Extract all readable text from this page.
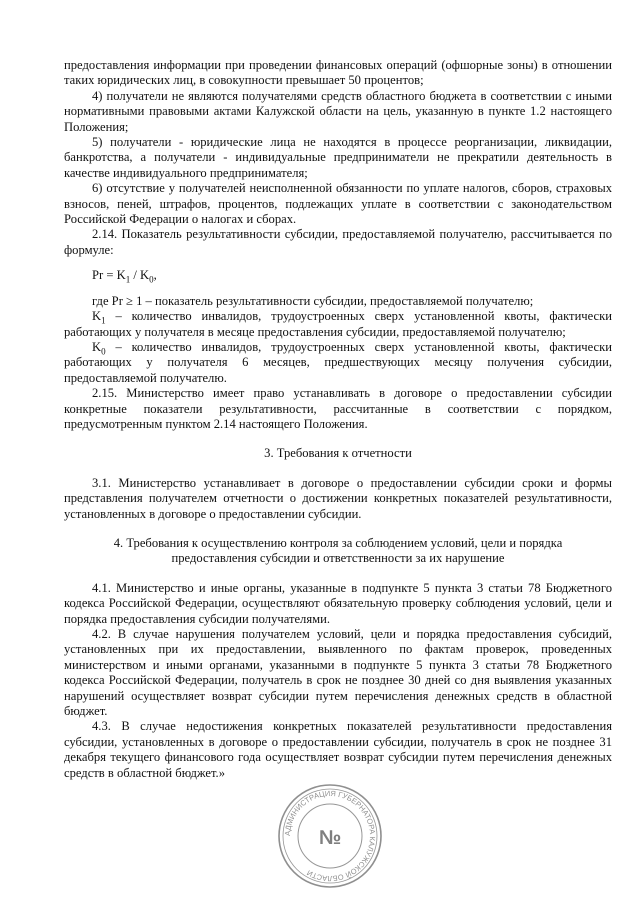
предоставления информации при проведении финансовых операций (офшорные зоны) в отношении таких юридических лиц, в совокупности превышает 50 процентов;

4) получатели не являются получателями средств областного бюджета в соответствии с иными нормативными правовыми актами Калужской области на цель, указанную в пункте 1.2 настоящего Положения;

5) получатели - юридические лица не находятся в процессе реорганизации, ликвидации, банкротства, а получатели - индивидуальные предприниматели не прекратили деятельность в качестве индивидуального предпринимателя;

6) отсутствие у получателей неисполненной обязанности по уплате налогов, сборов, страховых взносов, пеней, штрафов, процентов, подлежащих уплате в соответствии с законодательством Российской Федерации о налогах и сборах.

2.14. Показатель результативности субсидии, предоставляемой получателю, рассчитывается по формуле:

$Pr = K_1 / K_0$,

где Pr ≥ 1 – показатель результативности субсидии, предоставляемой получателю;

$K_1$ – количество инвалидов, трудоустроенных сверх установленной квоты, фактически работающих у получателя в месяце предоставления субсидии, предоставляемой получателю;

$K_0$ – количество инвалидов, трудоустроенных сверх установленной квоты, фактически работающих у получателя 6 месяцев, предшествующих месяцу получения субсидии, предоставляемой получателю.

2.15. Министерство имеет право устанавливать в договоре о предоставлении субсидии конкретные показатели результативности, рассчитанные в соответствии с порядком, предусмотренным пунктом 2.14 настоящего Положения.

3. Требования к отчетности

3.1. Министерство устанавливает в договоре о предоставлении субсидии сроки и формы представления получателем отчетности о достижении конкретных показателей результативности, установленных в договоре о предоставлении субсидии.

4. Требования к осуществлению контроля за соблюдением условий, цели и порядка
предоставления субсидии и ответственности за их нарушение

4.1. Министерство и иные органы, указанные в подпункте 5 пункта 3 статьи 78 Бюджетного кодекса Российской Федерации, осуществляют обязательную проверку соблюдения условий, цели и порядка предоставления субсидии получателями.

4.2. В случае нарушения получателем условий, цели и порядка предоставления субсидий, установленных при их предоставлении, выявленного по фактам проверок, проведенных министерством и иными органами, указанными в подпункте 5 пункта 3 статьи 78 Бюджетного кодекса Российской Федерации, получатель в срок не позднее 30 дней со дня выявления указанных нарушений осуществляет возврат субсидии путем перечисления денежных средств в областной бюджет.

4.3. В случае недостижения конкретных показателей результативности предоставления субсидии, установленных в договоре о предоставлении субсидии, получатель в срок не позднее 31 декабря текущего финансового года осуществляет возврат субсидии путем перечисления денежных средств в областной бюджет.»

АДМИНИСТРАЦИЯ ГУБЕРНАТОРА КАЛУЖСКОЙ ОБЛАСТИ
№
